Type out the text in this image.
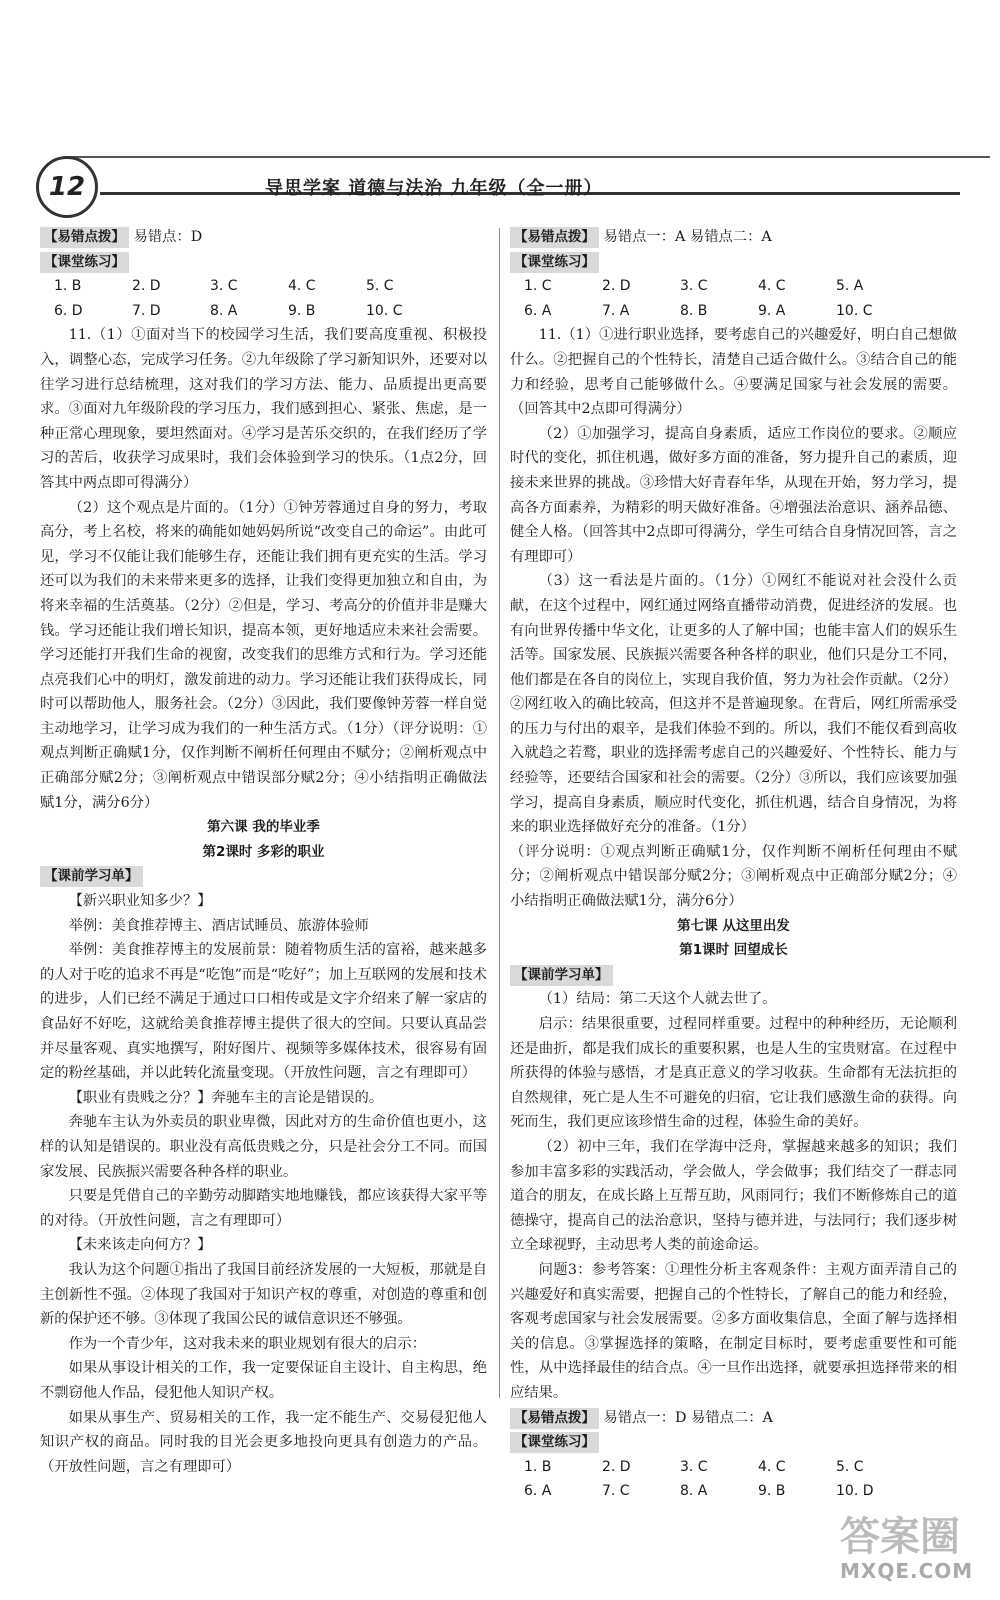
12	导思学案 道德与法治 九年级（全一册）

【易错点拨】 易错点：D

【课堂练习】

1. B	2. D	3. C	4. C	5. C
6. D	7. D	8. A	9. B	10. C

11.（1）①面对当下的校园学习生活，我们要高度重视、积极投入，调整心态，完成学习任务。②九年级除了学习新知识外，还要对以往学习进行总结梳理，这对我们的学习方法、能力、品质提出更高要求。③面对九年级阶段的学习压力，我们感到担心、紧张、焦虑，是一种正常心理现象，要坦然面对。④学习是苦乐交织的，在我们经历了学习的苦后，收获学习成果时，我们会体验到学习的快乐。（1点2分，回答其中两点即可得满分）

（2）这个观点是片面的。（1分）①钟芳蓉通过自身的努力，考取高分，考上名校，将来的确能如她妈妈所说“改变自己的命运”。由此可见，学习不仅能让我们能够生存，还能让我们拥有更充实的生活。学习还可以为我们的未来带来更多的选择，让我们变得更加独立和自由，为将来幸福的生活奠基。（2分）②但是，学习、考高分的价值并非是赚大钱。学习还能让我们增长知识，提高本领，更好地适应未来社会需要。学习还能打开我们生命的视窗，改变我们的思维方式和行为。学习还能点亮我们心中的明灯，激发前进的动力。学习还能让我们获得成长，同时可以帮助他人，服务社会。（2分）③因此，我们要像钟芳蓉一样自觉主动地学习，让学习成为我们的一种生活方式。（1分）（评分说明：①观点判断正确赋1分，仅作判断不阐析任何理由不赋分；②阐析观点中正确部分赋2分；③阐析观点中错误部分赋2分；④小结指明正确做法赋1分，满分6分）

第六课 我的毕业季

第2课时 多彩的职业

【课前学习单】

【新兴职业知多少？】

举例：美食推荐博主、酒店试睡员、旅游体验师

举例：美食推荐博主的发展前景：随着物质生活的富裕，越来越多的人对于吃的追求不再是“吃饱”而是“吃好”；加上互联网的发展和技术的进步，人们已经不满足于通过口口相传或是文字介绍来了解一家店的食品好不好吃，这就给美食推荐博主提供了很大的空间。只要认真品尝并尽量客观、真实地撰写，附好图片、视频等多媒体技术，很容易有固定的粉丝基础，并以此转化流量变现。（开放性问题，言之有理即可）

【职业有贵贱之分？】奔驰车主的言论是错误的。

奔驰车主认为外卖员的职业卑微，因此对方的生命价值也更小，这样的认知是错误的。职业没有高低贵贱之分，只是社会分工不同。而国家发展、民族振兴需要各种各样的职业。

只要是凭借自己的辛勤劳动脚踏实地地赚钱，都应该获得大家平等的对待。（开放性问题，言之有理即可）

【未来该走向何方？】

我认为这个问题①指出了我国目前经济发展的一大短板，那就是自主创新性不强。②体现了我国对于知识产权的尊重，对创造的尊重和创新的保护还不够。③体现了我国公民的诚信意识还不够强。

作为一个青少年，这对我未来的职业规划有很大的启示：

如果从事设计相关的工作，我一定要保证自主设计、自主构思，绝不剽窃他人作品，侵犯他人知识产权。

如果从事生产、贸易相关的工作，我一定不能生产、交易侵犯他人知识产权的商品。同时我的目光会更多地投向更具有创造力的产品。（开放性问题，言之有理即可）

【易错点拨】 易错点一：A 易错点二：A

【课堂练习】

1. C	2. D	3. C	4. C	5. A
6. A	7. A	8. B	9. A	10. C

11.（1）①进行职业选择，要考虑自己的兴趣爱好，明白自己想做什么。②把握自己的个性特长，清楚自己适合做什么。③结合自己的能力和经验，思考自己能够做什么。④要满足国家与社会发展的需要。（回答其中2点即可得满分）

（2）①加强学习，提高自身素质，适应工作岗位的要求。②顺应时代的变化，抓住机遇，做好多方面的准备，努力提升自己的素质，迎接未来世界的挑战。③珍惜大好青春年华，从现在开始，努力学习，提高各方面素养，为精彩的明天做好准备。④增强法治意识、涵养品德、健全人格。（回答其中2点即可得满分，学生可结合自身情况回答，言之有理即可）

（3）这一看法是片面的。（1分）①网红不能说对社会没什么贡献，在这个过程中，网红通过网络直播带动消费，促进经济的发展。也有向世界传播中华文化，让更多的人了解中国；也能丰富人们的娱乐生活等。国家发展、民族振兴需要各种各样的职业，他们只是分工不同，他们都是在各自的岗位上，实现自我价值，努力为社会作贡献。（2分）②网红收入的确比较高，但这并不是普遍现象。在背后，网红所需承受的压力与付出的艰辛，是我们体验不到的。所以，我们不能仅看到高收入就趋之若鹜，职业的选择需考虑自己的兴趣爱好、个性特长、能力与经验等，还要结合国家和社会的需要。（2分）③所以，我们应该要加强学习，提高自身素质，顺应时代变化，抓住机遇，结合自身情况，为将来的职业选择做好充分的准备。（1分）

（评分说明：①观点判断正确赋1分，仅作判断不阐析任何理由不赋分；②阐析观点中错误部分赋2分；③阐析观点中正确部分赋2分；④小结指明正确做法赋1分，满分6分）

第七课 从这里出发

第1课时 回望成长

【课前学习单】

（1）结局：第二天这个人就去世了。

启示：结果很重要，过程同样重要。过程中的种种经历，无论顺利还是曲折，都是我们成长的重要积累，也是人生的宝贵财富。在过程中所获得的体验与感悟，才是真正意义的学习收获。生命都有无法抗拒的自然规律，死亡是人生不可避免的归宿，它让我们感激生命的获得。向死而生，我们更应该珍惜生命的过程，体验生命的美好。

（2）初中三年，我们在学海中泛舟，掌握越来越多的知识；我们参加丰富多彩的实践活动，学会做人，学会做事；我们结交了一群志同道合的朋友，在成长路上互帮互助，风雨同行；我们不断修炼自己的道德操守，提高自己的法治意识，坚持与德并进，与法同行；我们逐步树立全球视野，主动思考人类的前途命运。

问题3：参考答案：①理性分析主客观条件：主观方面弄清自己的兴趣爱好和真实需要，把握自己的个性特长，了解自己的能力和经验，客观考虑国家与社会发展需要。②多方面收集信息，全面了解与选择相关的信息。③掌握选择的策略，在制定目标时，要考虑重要性和可能性，从中选择最佳的结合点。④一旦作出选择，就要承担选择带来的相应结果。

【易错点拨】 易错点一：D 易错点二：A

【课堂练习】

1. B	2. D	3. C	4. C	5. C
6. A	7. C	8. A	9. B	10. D
答案圈
MXQE.COM
